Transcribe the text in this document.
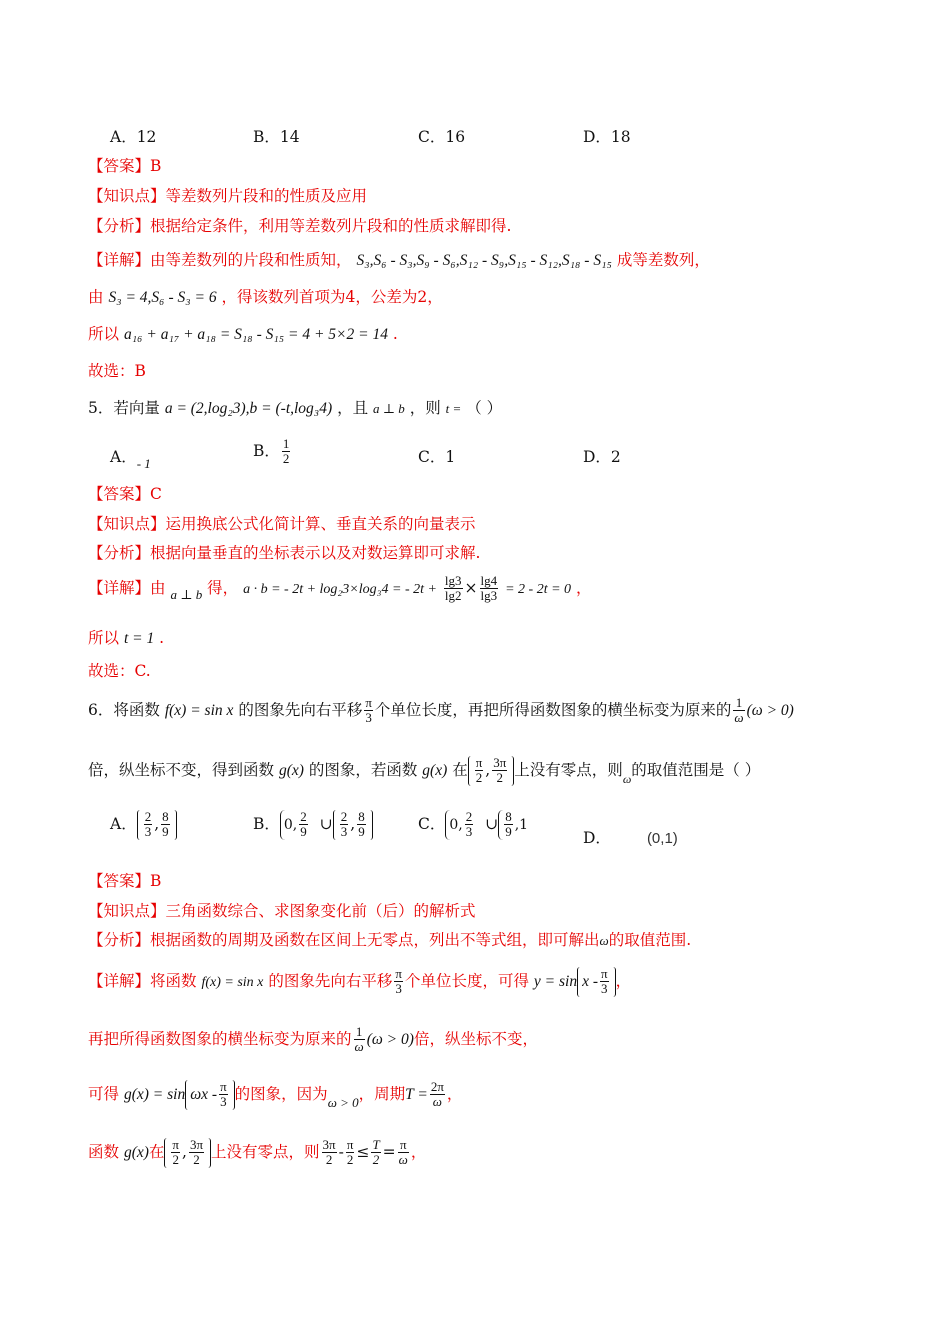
A．12	B．14	C．16	D．18
【答案】B
【知识点】等差数列片段和的性质及应用
【分析】根据给定条件，利用等差数列片段和的性质求解即得.
【详解】由等差数列的片段和性质知， S₃,S₆ - S₃,S₉ - S₆,S₁₂ - S₉,S₁₅ - S₁₂,S₁₈ - S₁₅ 成等差数列，
由 S₃ = 4,S₆ - S₃ = 6 ，得该数列首项为4，公差为2，
所以 a₁₆ + a₁₇ + a₁₈ = S₁₈ - S₁₅ = 4 + 5×2 = 14 .
故选：B
5．若向量 a = (2,log₂3),b = (-t,log₃4) ，且 a ⊥ b ，则 t = （ ）
A．$_{- 1}$
B． $\frac{1}{2}$	C．1	D．2
【答案】C
【知识点】运用换底公式化简计算、垂直关系的向量表示
【分析】根据向量垂直的坐标表示以及对数运算即可求解.
【详解】由 $_{a \perp b}$ 得， a · b = - 2t + log₂3×log₃4 = - $2t + \frac{\lg 3}{\lg 2} \times \frac{\lg 4}{\lg 3} = 2 - 2t = 0$ ，
所以 t = 1 .
故选：C.
6．将函数 f(x) = sin x 的图象先向右平移 $\frac{\pi}{3}$ 个单位长度，再把所得函数图象的横坐标变为原来的 $\frac{1}{\omega} (\omega > 0)$
倍，纵坐标不变，得到函数 g(x) 的图象，若函数 g(x) 在 $\frac{\pi}{2}$ , $\frac{3\pi}{2}$ 上没有零点，则$_\omega$的取值范围是（ ）
A． $\frac{2}{3}$ , $\frac{8}{9}$	B． 0, $\frac{2}{9}$ ∪ $\frac{2}{3}$ , $\frac{8}{9}$	C． 0, $\frac{2}{3}$ ∪ $\frac{8}{9} ,1$
D． (0,1)
【答案】B
【知识点】三角函数综合、求图象变化前（后）的解析式
【分析】根据函数的周期及函数在区间上无零点，列出不等式组，即可解出ω的取值范围.
【详解】将函数 f(x) = sin x 的图象先向右平移 $\frac{\pi}{3}$ 个单位长度，可得 $y = \sin x - \frac{\pi}{3}$ ，
再把所得函数图象的横坐标变为原来的 $\frac{1}{\omega} (\omega > 0)$倍，纵坐标不变，
可得 $g(x) = \sin \omega x - \frac{\pi}{3}$ 的图象，因为$_{\omega > 0}$，周期$T = \frac{2\pi}{\omega}$ ，
函数 g(x)在 $\frac{\pi}{2}$ , $\frac{3\pi}{2}$ 上没有零点，则 $\frac{3\pi}{2} - \frac{\pi}{2} \le \frac{T}{2} = \frac{\pi}{\omega}$ ，
